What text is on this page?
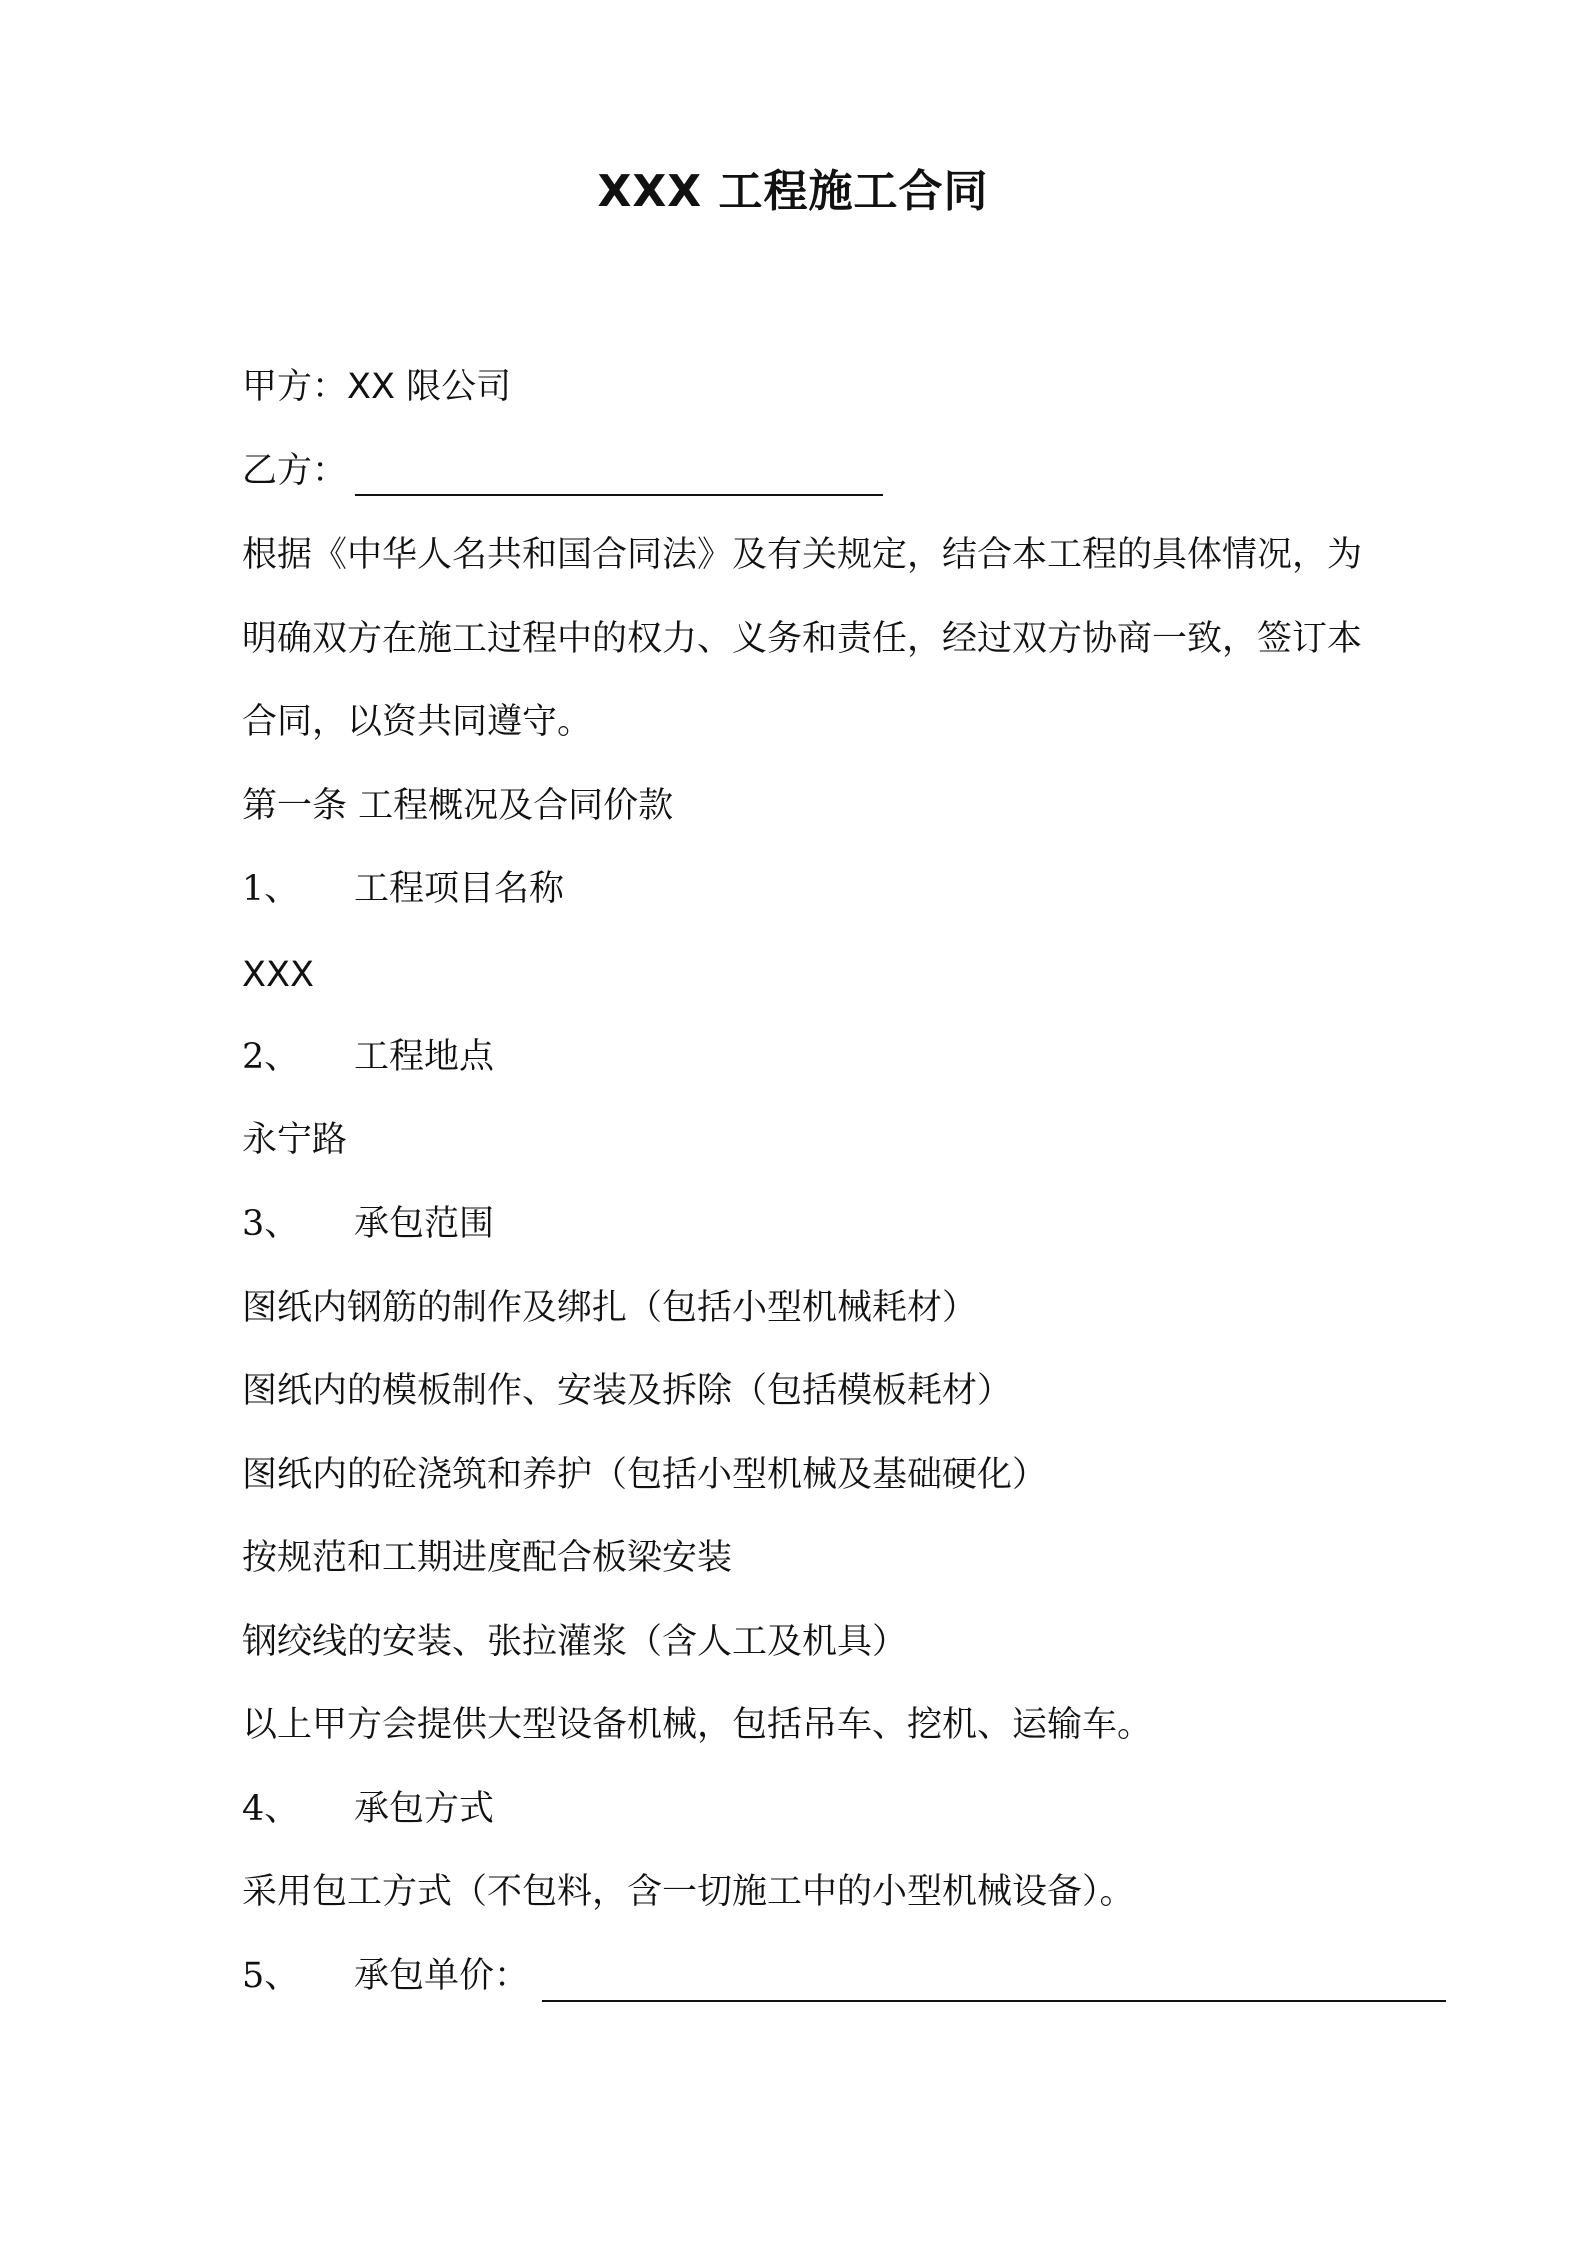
XXX 工程施工合同
甲方：XX 限公司
乙方：
根据《中华人名共和国合同法》及有关规定，结合本工程的具体情况，为
明确双方在施工过程中的权力、义务和责任，经过双方协商一致，签订本
合同，以资共同遵守。
第一条 工程概况及合同价款
1、 工程项目名称
XXX
2、 工程地点
永宁路
3、 承包范围
图纸内钢筋的制作及绑扎（包括小型机械耗材）
图纸内的模板制作、安装及拆除（包括模板耗材）
图纸内的砼浇筑和养护（包括小型机械及基础硬化）
按规范和工期进度配合板梁安装
钢绞线的安装、张拉灌浆（含人工及机具）
以上甲方会提供大型设备机械，包括吊车、挖机、运输车。
4、 承包方式
采用包工方式（不包料，含一切施工中的小型机械设备）。
5、 承包单价：
